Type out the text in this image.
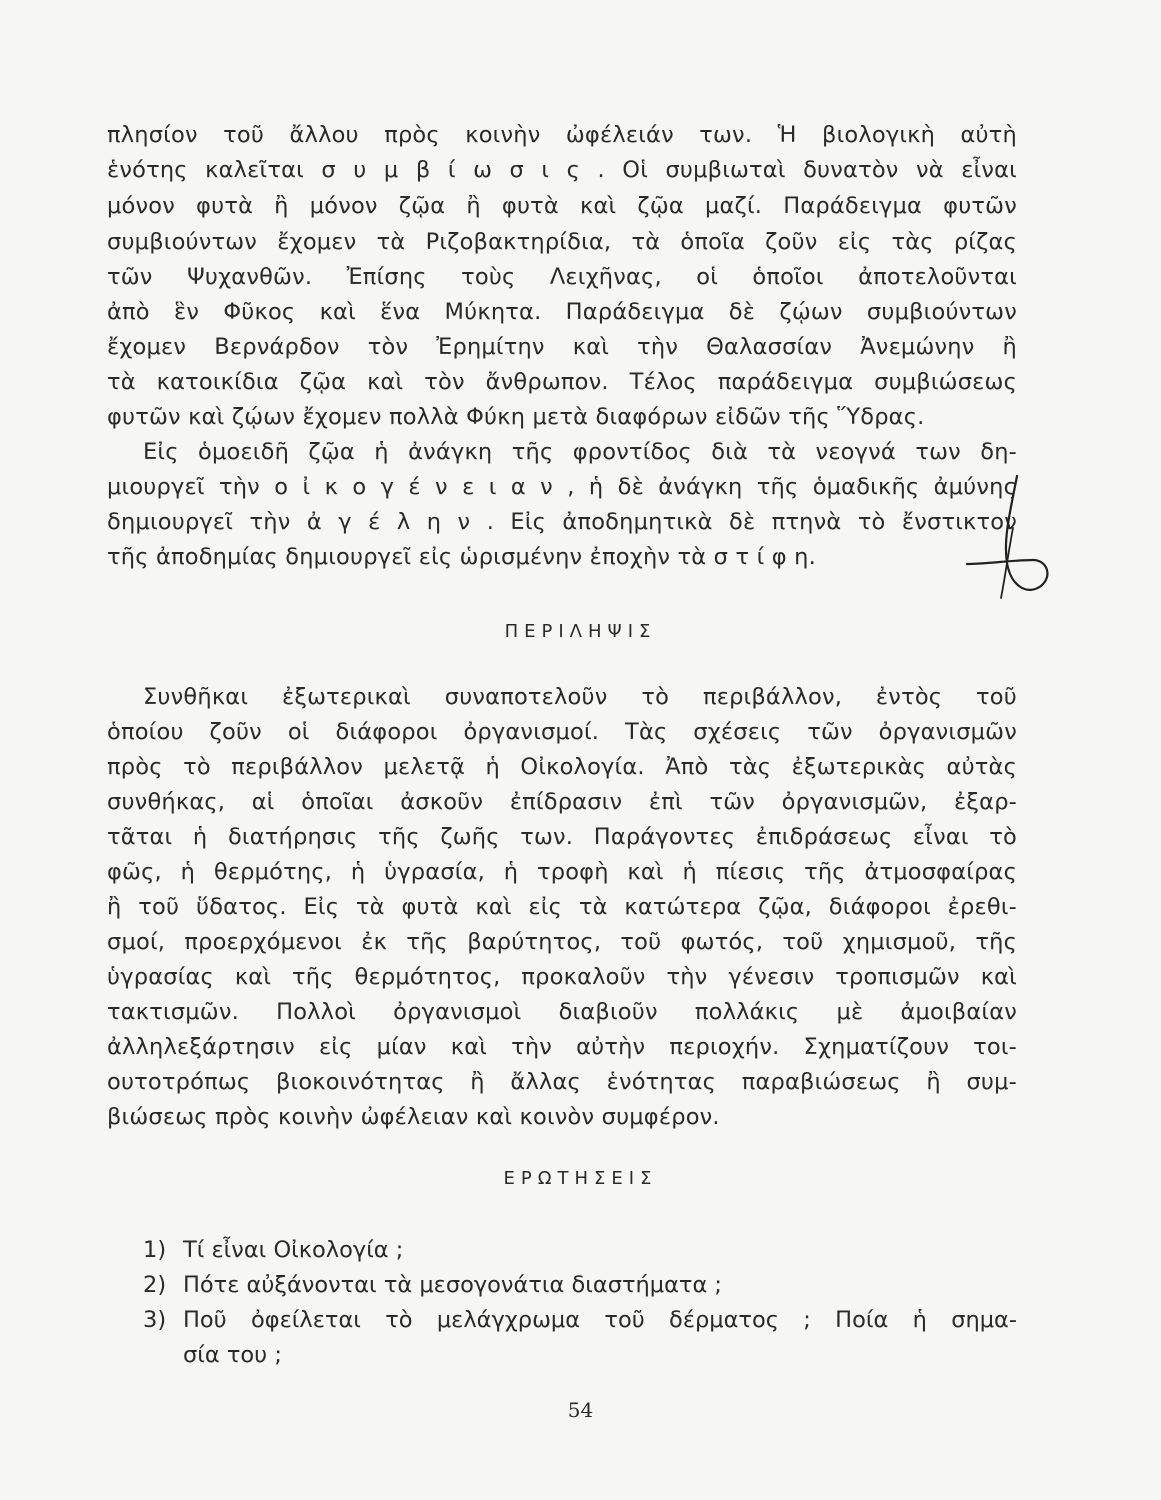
πλησίον τοῦ ἄλλου πρὸς κοινὴν ὠφέλειάν των. Ἡ βιολογικὴ αὐτὴ
ἑνότης καλεῖται σ υ μ β ί ω σ ι ς . Οἱ συμβιωταὶ δυνατὸν νὰ εἶναι
μόνον φυτὰ ἢ μόνον ζῷα ἢ φυτὰ καὶ ζῷα μαζί. Παράδειγμα φυτῶν
συμβιούντων ἔχομεν τὰ Ριζοβακτηρίδια, τὰ ὁποῖα ζοῦν εἰς τὰς ρίζας
τῶν Ψυχανθῶν. Ἐπίσης τοὺς Λειχῆνας, οἱ ὁποῖοι ἀποτελοῦνται
ἀπὸ ἓν Φῦκος καὶ ἕνα Μύκητα. Παράδειγμα δὲ ζῴων συμβιούντων
ἔχομεν Βερνάρδον τὸν Ἐρημίτην καὶ τὴν Θαλασσίαν Ἀνεμώνην ἢ
τὰ κατοικίδια ζῷα καὶ τὸν ἄνθρωπον. Τέλος παράδειγμα συμβιώσεως
φυτῶν καὶ ζῴων ἔχομεν πολλὰ Φύκη μετὰ διαφόρων εἰδῶν τῆς Ὕδρας.
Εἰς ὁμοειδῆ ζῷα ἡ ἀνάγκη τῆς φροντίδος διὰ τὰ νεογνά των δη-
μιουργεῖ τὴν ο ἰ κ ο γ έ ν ε ι α ν , ἡ δὲ ἀνάγκη τῆς ὁμαδικῆς ἀμύνης
δημιουργεῖ τὴν ἀ γ έ λ η ν . Εἰς ἀποδημητικὰ δὲ πτηνὰ τὸ ἔνστικτον
τῆς ἀποδημίας δημιουργεῖ εἰς ὡρισμένην ἐποχὴν τὰ σ τ ί φ η.
ΠΕΡΙΛΗΨΙΣ
Συνθῆκαι ἐξωτερικαὶ συναποτελοῦν τὸ περιβάλλον, ἐντὸς τοῦ
ὁποίου ζοῦν οἱ διάφοροι ὀργανισμοί. Τὰς σχέσεις τῶν ὀργανισμῶν
πρὸς τὸ περιβάλλον μελετᾷ ἡ Οἰκολογία. Ἀπὸ τὰς ἐξωτερικὰς αὐτὰς
συνθήκας, αἱ ὁποῖαι ἀσκοῦν ἐπίδρασιν ἐπὶ τῶν ὀργανισμῶν, ἐξαρ-
τᾶται ἡ διατήρησις τῆς ζωῆς των. Παράγοντες ἐπιδράσεως εἶναι τὸ
φῶς, ἡ θερμότης, ἡ ὑγρασία, ἡ τροφὴ καὶ ἡ πίεσις τῆς ἀτμοσφαίρας
ἢ τοῦ ὕδατος. Εἰς τὰ φυτὰ καὶ εἰς τὰ κατώτερα ζῷα, διάφοροι ἐρεθι-
σμοί, προερχόμενοι ἐκ τῆς βαρύτητος, τοῦ φωτός, τοῦ χημισμοῦ, τῆς
ὑγρασίας καὶ τῆς θερμότητος, προκαλοῦν τὴν γένεσιν τροπισμῶν καὶ
τακτισμῶν. Πολλοὶ ὀργανισμοὶ διαβιοῦν πολλάκις μὲ ἀμοιβαίαν
ἀλληλεξάρτησιν εἰς μίαν καὶ τὴν αὐτὴν περιοχήν. Σχηματίζουν τοι-
ουτοτρόπως βιοκοινότητας ἢ ἄλλας ἑνότητας παραβιώσεως ἢ συμ-
βιώσεως πρὸς κοινὴν ὠφέλειαν καὶ κοινὸν συμφέρον.
ΕΡΩΤΗΣΕΙΣ
1) Τί εἶναι Οἰκολογία ;
2) Πότε αὐξάνονται τὰ μεσογονάτια διαστήματα ;
3) Ποῦ ὀφείλεται τὸ μελάγχρωμα τοῦ δέρματος ; Ποία ἡ σημα-
σία του ;
54
